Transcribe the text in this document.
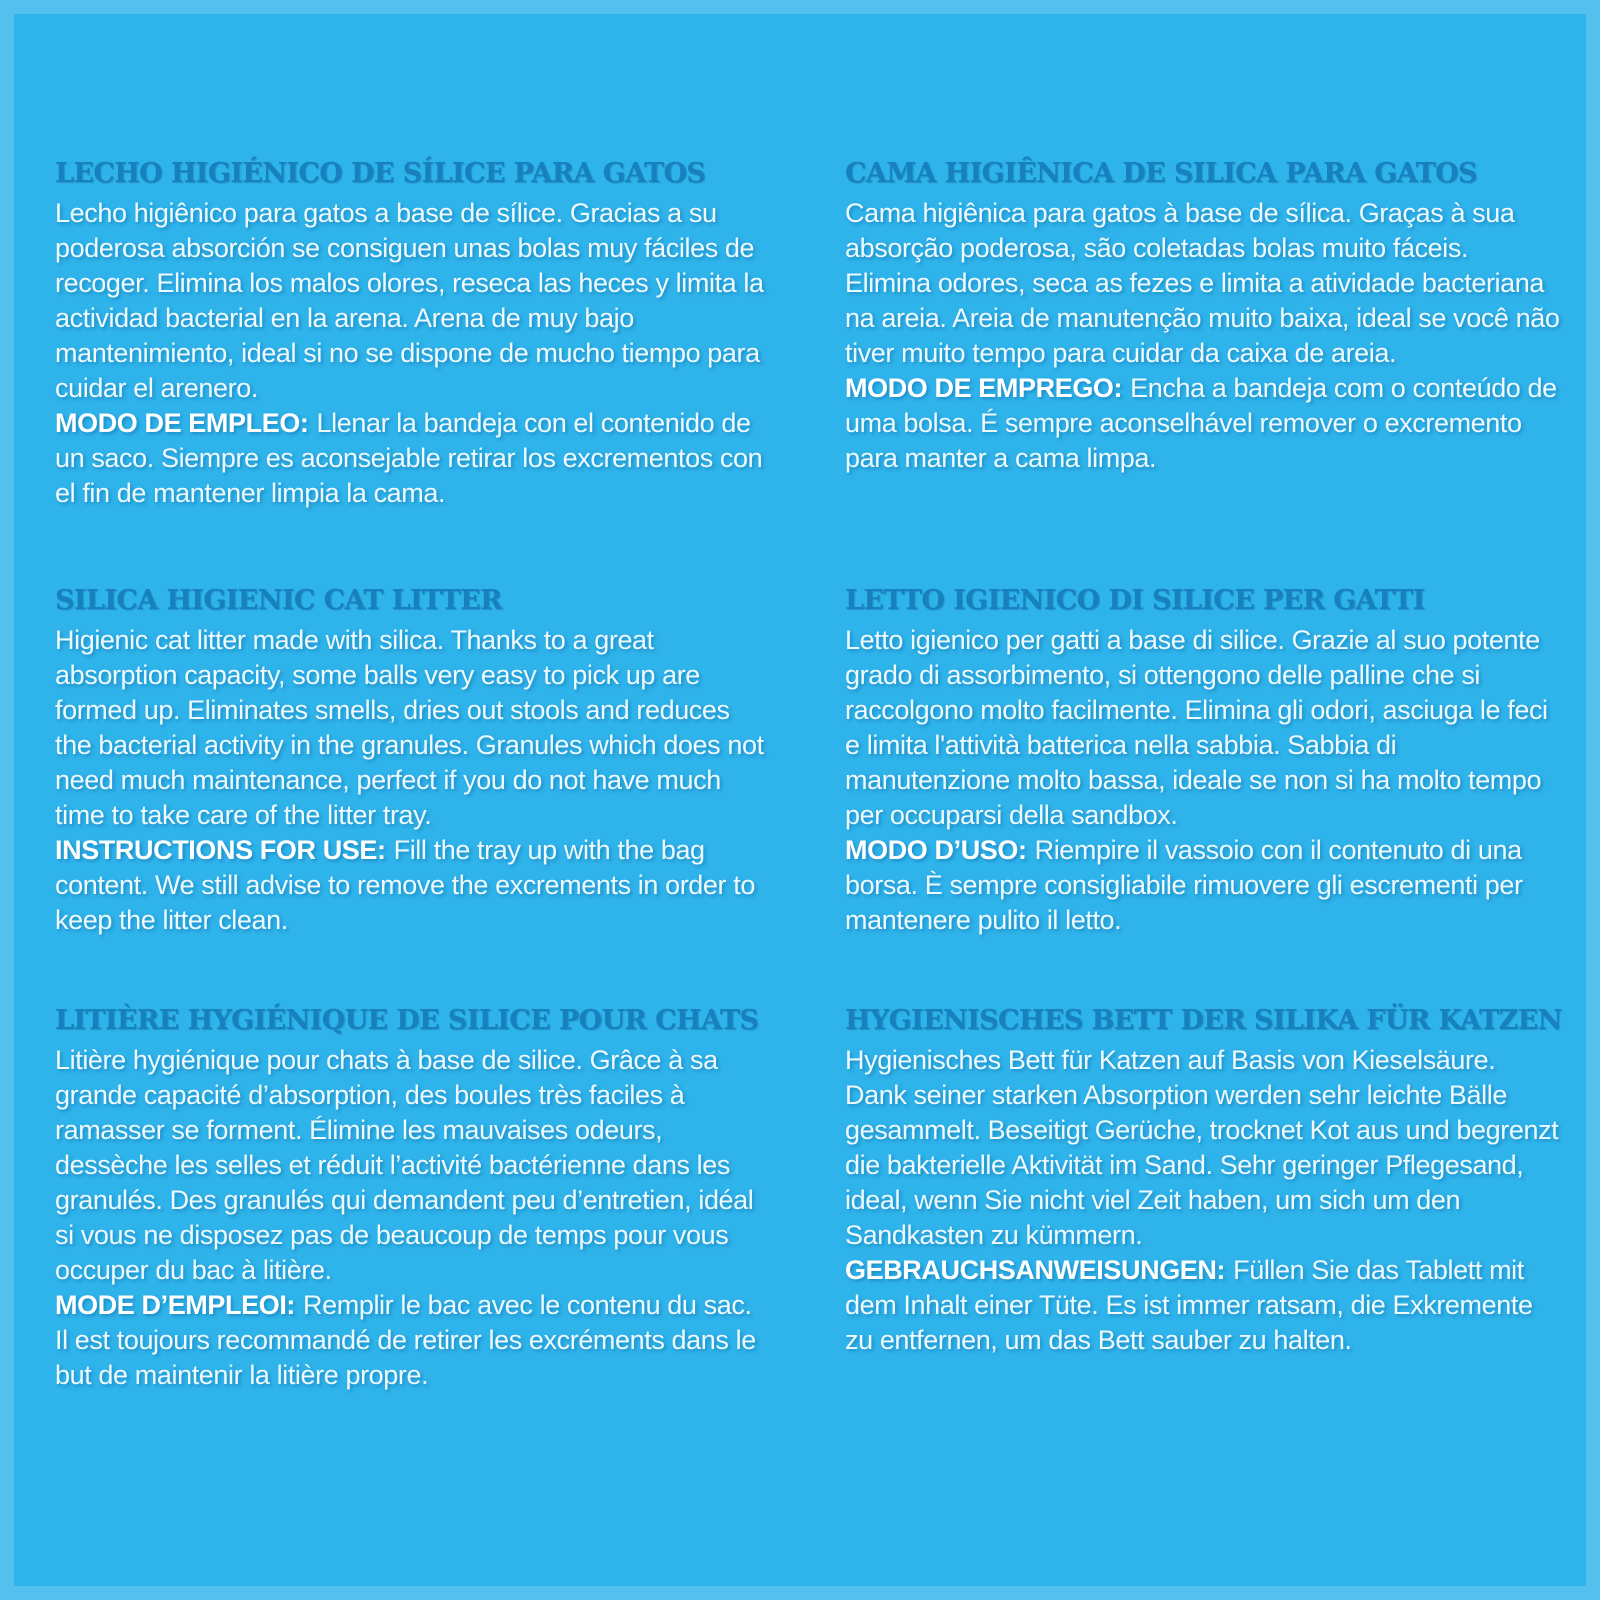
LECHO HIGIÉNICO DE SÍLICE PARA GATOS

Lecho higiênico para gatos a base de sílice. Gracias a su poderosa absorción se consiguen unas bolas muy fáciles de recoger. Elimina los malos olores, reseca las heces y limita la actividad bacterial en la arena. Arena de muy bajo mantenimiento, ideal si no se dispone de mucho tiempo para cuidar el arenero.

MODO DE EMPLEO: Llenar la bandeja con el contenido de un saco. Siempre es aconsejable retirar los excrementos con el fin de mantener limpia la cama.

SILICA HIGIENIC CAT LITTER

Higienic cat litter made with silica. Thanks to a great absorption capacity, some balls very easy to pick up are formed up. Eliminates smells, dries out stools and reduces the bacterial activity in the granules. Granules which does not need much maintenance, perfect if you do not have much time to take care of the litter tray.

INSTRUCTIONS FOR USE: Fill the tray up with the bag content. We still advise to remove the excrements in order to keep the litter clean.

LITIÈRE HYGIÉNIQUE DE SILICE POUR CHATS

Litière hygiénique pour chats à base de silice. Grâce à sa grande capacité d’absorption, des boules très faciles à ramasser se forment. Élimine les mauvaises odeurs, dessèche les selles et réduit l’activité bactérienne dans les granulés. Des granulés qui demandent peu d’entretien, idéal si vous ne disposez pas de beaucoup de temps pour vous occuper du bac à litière.

MODE D’EMPLEOI: Remplir le bac avec le contenu du sac. Il est toujours recommandé de retirer les excréments dans le but de maintenir la litière propre.

CAMA HIGIÊNICA DE SILICA PARA GATOS

Cama higiênica para gatos à base de sílica. Graças à sua absorção poderosa, são coletadas bolas muito fáceis. Elimina odores, seca as fezes e limita a atividade bacteriana na areia. Areia de manutenção muito baixa, ideal se você não tiver muito tempo para cuidar da caixa de areia.

MODO DE EMPREGO: Encha a bandeja com o conteúdo de uma bolsa. É sempre aconselhável remover o excremento para manter a cama limpa.

LETTO IGIENICO DI SILICE PER GATTI

Letto igienico per gatti a base di silice. Grazie al suo potente grado di assorbimento, si ottengono delle palline che si raccolgono molto facilmente. Elimina gli odori, asciuga le feci e limita l'attività batterica nella sabbia. Sabbia di manutenzione molto bassa, ideale se non si ha molto tempo per occuparsi della sandbox.

MODO D’USO: Riempire il vassoio con il contenuto di una borsa. È sempre consigliabile rimuovere gli escrementi per mantenere pulito il letto.

HYGIENISCHES BETT DER SILIKA FÜR KATZEN

Hygienisches Bett für Katzen auf Basis von Kieselsäure. Dank seiner starken Absorption werden sehr leichte Bälle gesammelt. Beseitigt Gerüche, trocknet Kot aus und begrenzt die bakterielle Aktivität im Sand. Sehr geringer Pflegesand, ideal, wenn Sie nicht viel Zeit haben, um sich um den Sandkasten zu kümmern.

GEBRAUCHSANWEISUNGEN: Füllen Sie das Tablett mit dem Inhalt einer Tüte. Es ist immer ratsam, die Exkremente zu entfernen, um das Bett sauber zu halten.
